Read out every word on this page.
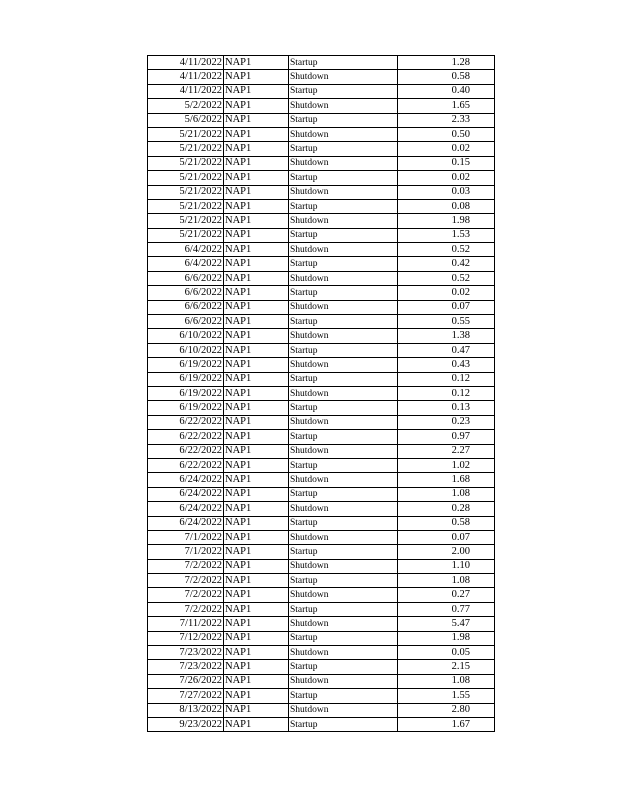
4/11/2022	NAP1	Startup	1.28
4/11/2022	NAP1	Shutdown	0.58
4/11/2022	NAP1	Startup	0.40
5/2/2022	NAP1	Shutdown	1.65
5/6/2022	NAP1	Startup	2.33
5/21/2022	NAP1	Shutdown	0.50
5/21/2022	NAP1	Startup	0.02
5/21/2022	NAP1	Shutdown	0.15
5/21/2022	NAP1	Startup	0.02
5/21/2022	NAP1	Shutdown	0.03
5/21/2022	NAP1	Startup	0.08
5/21/2022	NAP1	Shutdown	1.98
5/21/2022	NAP1	Startup	1.53
6/4/2022	NAP1	Shutdown	0.52
6/4/2022	NAP1	Startup	0.42
6/6/2022	NAP1	Shutdown	0.52
6/6/2022	NAP1	Startup	0.02
6/6/2022	NAP1	Shutdown	0.07
6/6/2022	NAP1	Startup	0.55
6/10/2022	NAP1	Shutdown	1.38
6/10/2022	NAP1	Startup	0.47
6/19/2022	NAP1	Shutdown	0.43
6/19/2022	NAP1	Startup	0.12
6/19/2022	NAP1	Shutdown	0.12
6/19/2022	NAP1	Startup	0.13
6/22/2022	NAP1	Shutdown	0.23
6/22/2022	NAP1	Startup	0.97
6/22/2022	NAP1	Shutdown	2.27
6/22/2022	NAP1	Startup	1.02
6/24/2022	NAP1	Shutdown	1.68
6/24/2022	NAP1	Startup	1.08
6/24/2022	NAP1	Shutdown	0.28
6/24/2022	NAP1	Startup	0.58
7/1/2022	NAP1	Shutdown	0.07
7/1/2022	NAP1	Startup	2.00
7/2/2022	NAP1	Shutdown	1.10
7/2/2022	NAP1	Startup	1.08
7/2/2022	NAP1	Shutdown	0.27
7/2/2022	NAP1	Startup	0.77
7/11/2022	NAP1	Shutdown	5.47
7/12/2022	NAP1	Startup	1.98
7/23/2022	NAP1	Shutdown	0.05
7/23/2022	NAP1	Startup	2.15
7/26/2022	NAP1	Shutdown	1.08
7/27/2022	NAP1	Startup	1.55
8/13/2022	NAP1	Shutdown	2.80
9/23/2022	NAP1	Startup	1.67
